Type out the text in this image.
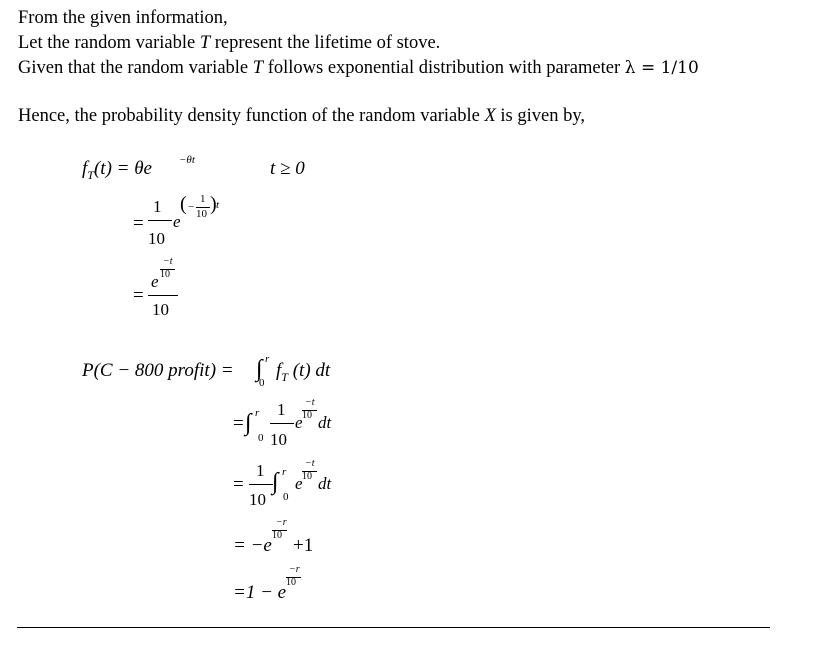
From the given information,
Let the random variable T represent the lifetime of stove.
Given that the random variable T follows exponential distribution with parameter λ = 1/10
Hence, the probability density function of the random variable X is given by,
$f_T(t) = \theta e -\theta t$	t ≥ 0
=
1
10
e
( −
1
10 ) t
=
−t
10
e
10
P(C − 800 profit) = ∫ r
0
$f_T$ (t) dt
= ∫ r
0
1
10
e
−t
10 dt
=
1
10
∫ r
0
e
−t
10 dt
= −e
−r
10 +1
=1 − e
−r
10
